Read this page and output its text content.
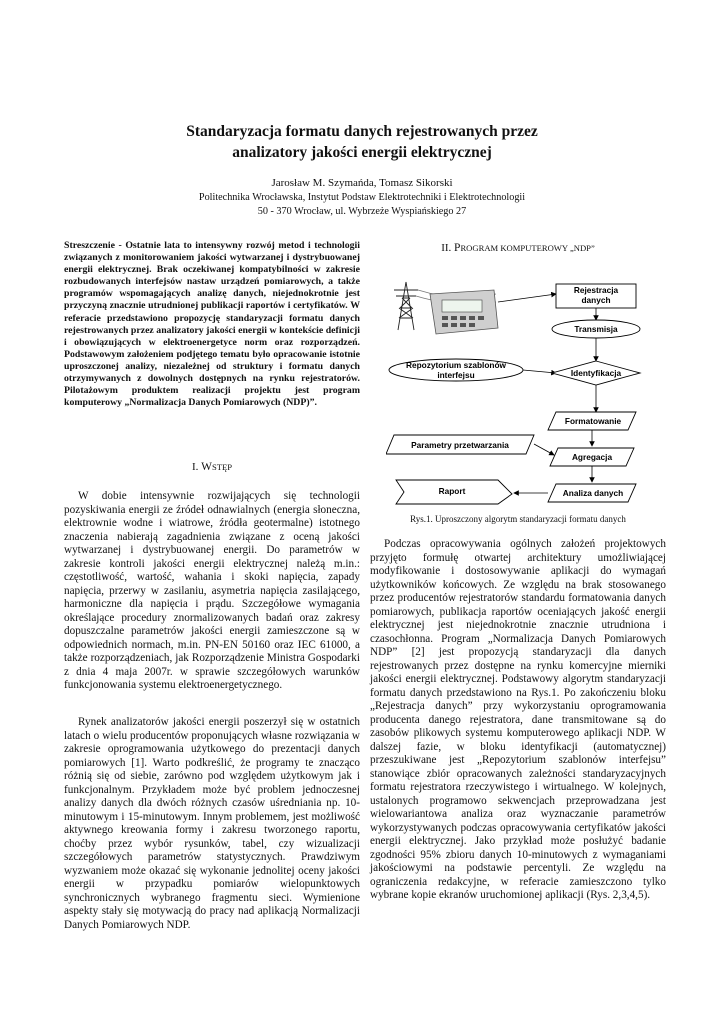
Standaryzacja formatu danych rejestrowanych przez
analizatory jakości energii elektrycznej
Jarosław M. Szymańda, Tomasz Sikorski
Politechnika Wrocławska, Instytut Podstaw Elektrotechniki i Elektrotechnologii
50 - 370 Wrocław, ul. Wybrzeże Wyspiańskiego 27
Streszczenie - Ostatnie lata to intensywny rozwój metod i technologii związanych z monitorowaniem jakości wytwarzanej i dystrybuowanej energii elektrycznej. Brak oczekiwanej kompatybilności w zakresie rozbudowanych interfejsów nastaw urządzeń pomiarowych, a także programów wspomagających analizę danych, niejednokrotnie jest przyczyną znacznie utrudnionej publikacji raportów i certyfikatów. W referacie przedstawiono propozycję standaryzacji formatu danych rejestrowanych przez analizatory jakości energii w kontekście definicji i obowiązujących w elektroenergetyce norm oraz rozporządzeń. Podstawowym założeniem podjętego tematu było opracowanie istotnie uproszczonej analizy, niezależnej od struktury i formatu danych otrzymywanych z dowolnych dostępnych na rynku rejestratorów. Pilotażowym produktem realizacji projektu jest program komputerowy „Normalizacja Danych Pomiarowych (NDP)”.
I. WSTĘP

W dobie intensywnie rozwijających się technologii pozyskiwania energii ze źródeł odnawialnych (energia słoneczna, elektrownie wodne i wiatrowe, źródła geotermalne) istotnego znaczenia nabierają zagadnienia związane z oceną jakości wytwarzanej i dystrybuowanej energii. Do parametrów w zakresie kontroli jakości energii elektrycznej należą m.in.: częstotliwość, wartość, wahania i skoki napięcia, zapady napięcia, przerwy w zasilaniu, asymetria napięcia zasilającego, harmoniczne dla napięcia i prądu. Szczegółowe wymagania określające procedury znormalizowanych badań oraz zakresy dopuszczalne parametrów jakości energii zamieszczone są w odpowiednich normach, m.in. PN-EN 50160 oraz IEC 61000, a także rozporządzeniach, jak Rozporządzenie Ministra Gospodarki z dnia 4 maja 2007r. w sprawie szczegółowych warunków funkcjonowania systemu elektroenergetycznego.

Rynek analizatorów jakości energii poszerzył się w ostatnich latach o wielu producentów proponujących własne rozwiązania w zakresie oprogramowania użytkowego do prezentacji danych pomiarowych [1]. Warto podkreślić, że programy te znacząco różnią się od siebie, zarówno pod względem użytkowym jak i funkcjonalnym. Przykładem może być problem jednoczesnej analizy danych dla dwóch różnych czasów uśredniania np. 10-minutowym i 15-minutowym. Innym problemem, jest możliwość aktywnego kreowania formy i zakresu tworzonego raportu, choćby przez wybór rysunków, tabel, czy wizualizacji szczegółowych parametrów statystycznych. Prawdziwym wyzwaniem może okazać się wykonanie jednolitej oceny jakości energii w przypadku pomiarów wielopunktowych synchronicznych wybranego fragmentu sieci. Wymienione aspekty stały się motywacją do pracy nad aplikacją Normalizacji Danych Pomiarowych NDP.

II. PROGRAM KOMPUTEROWY „NDP”
Rejestracja
danych
Transmisja
Repozytorium szablonów
interfejsu	Identyfikacja
Formatowanie
Parametry przetwarzania
Agregacja
Analiza danych
Raport
Rys.1. Uproszczony algorytm standaryzacji formatu danych

Podczas opracowywania ogólnych założeń projektowych przyjęto formułę otwartej architektury umożliwiającej modyfikowanie i dostosowywanie aplikacji do wymagań użytkowników końcowych. Ze względu na brak stosowanego przez producentów rejestratorów standardu formatowania danych pomiarowych, publikacja raportów oceniających jakość energii elektrycznej jest niejednokrotnie znacznie utrudniona i czasochłonna. Program „Normalizacja Danych Pomiarowych NDP” [2] jest propozycją standaryzacji dla danych rejestrowanych przez dostępne na rynku komercyjne mierniki jakości energii elektrycznej. Podstawowy algorytm standaryzacji formatu danych przedstawiono na Rys.1. Po zakończeniu bloku „Rejestracja danych” przy wykorzystaniu oprogramowania producenta danego rejestratora, dane transmitowane są do zasobów plikowych systemu komputerowego aplikacji NDP. W dalszej fazie, w bloku identyfikacji (automatycznej) przeszukiwane jest „Repozytorium szablonów interfejsu” stanowiące zbiór opracowanych zależności standaryzacyjnych formatu rejestratora rzeczywistego i wirtualnego. W kolejnych, ustalonych programowo sekwencjach przeprowadzana jest wielowariantowa analiza oraz wyznaczanie parametrów wykorzystywanych podczas opracowywania certyfikatów jakości energii elektrycznej. Jako przykład może posłużyć badanie zgodności 95% zbioru danych 10-minutowych z wymaganiami jakościowymi na podstawie percentyli. Ze względu na ograniczenia redakcyjne, w referacie zamieszczono tylko wybrane kopie ekranów uruchomionej aplikacji (Rys. 2,3,4,5).
